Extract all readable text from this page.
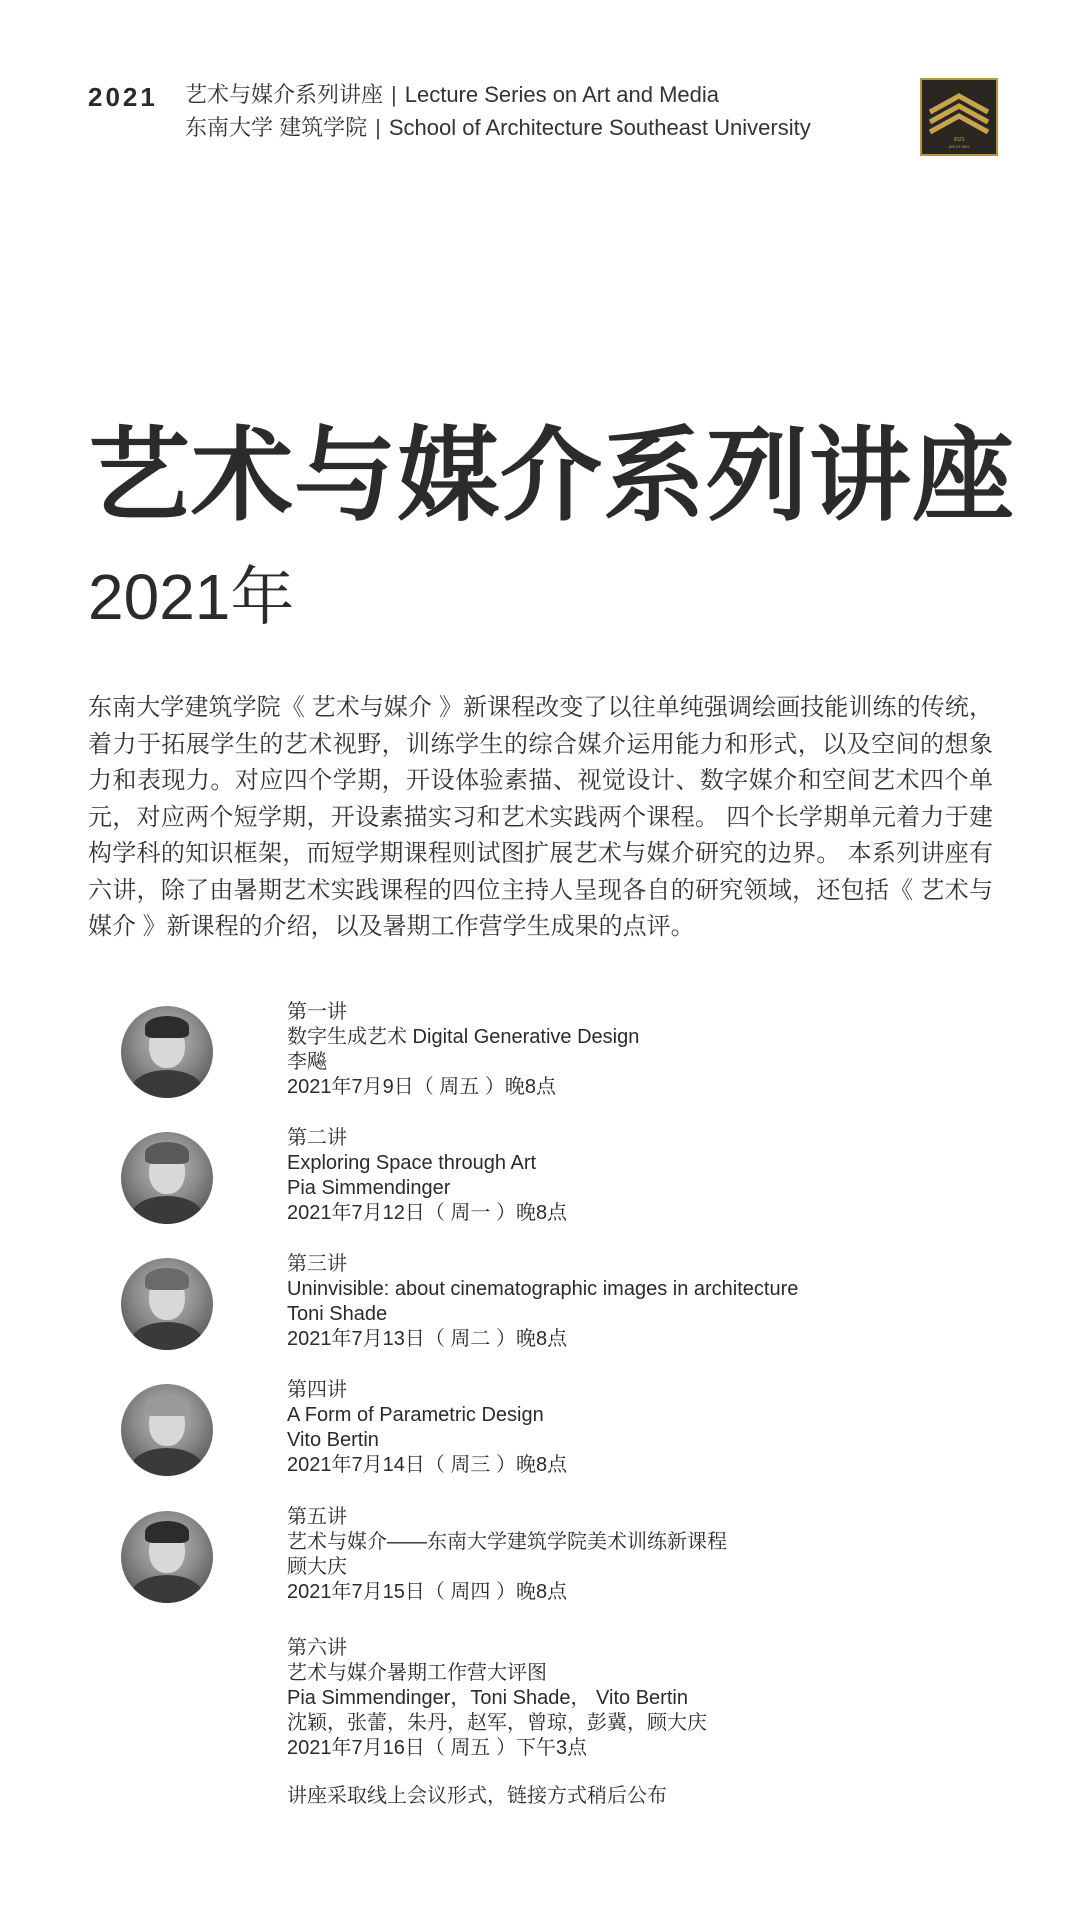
2021 艺术与媒介系列讲座 | Lecture Series on Art and Media
东南大学 建筑学院 | School of Architecture Southeast University	2021
ARCH SEU
艺术与媒介系列讲座
2021年
东南大学建筑学院《 艺术与媒介 》新课程改变了以往单纯强调绘画技能训练的传统，着力于拓展学生的艺术视野，训练学生的综合媒介运用能力和形式，以及空间的想象力和表现力。对应四个学期，开设体验素描、视觉设计、数字媒介和空间艺术四个单元，对应两个短学期，开设素描实习和艺术实践两个课程。 四个长学期单元着力于建构学科的知识框架，而短学期课程则试图扩展艺术与媒介研究的边界。 本系列讲座有六讲，除了由暑期艺术实践课程的四位主持人呈现各自的研究领域，还包括《 艺术与媒介 》新课程的介绍，以及暑期工作营学生成果的点评。
第一讲
数字生成艺术 Digital Generative Design
李飚
2021年7月9日（ 周五 ）晚8点
第二讲
Exploring Space through Art
Pia Simmendinger
2021年7月12日（ 周一 ）晚8点
第三讲
Uninvisible: about cinematographic images in architecture
Toni Shade
2021年7月13日（ 周二 ）晚8点
第四讲
A Form of Parametric Design
Vito Bertin
2021年7月14日（ 周三 ）晚8点
第五讲
艺术与媒介——东南大学建筑学院美术训练新课程
顾大庆
2021年7月15日（ 周四 ）晚8点
第六讲
艺术与媒介暑期工作营大评图
Pia Simmendinger，Toni Shade， Vito Bertin
沈颖，张蕾，朱丹，赵军，曾琼，彭冀，顾大庆
2021年7月16日（ 周五 ）下午3点
讲座采取线上会议形式，链接方式稍后公布
